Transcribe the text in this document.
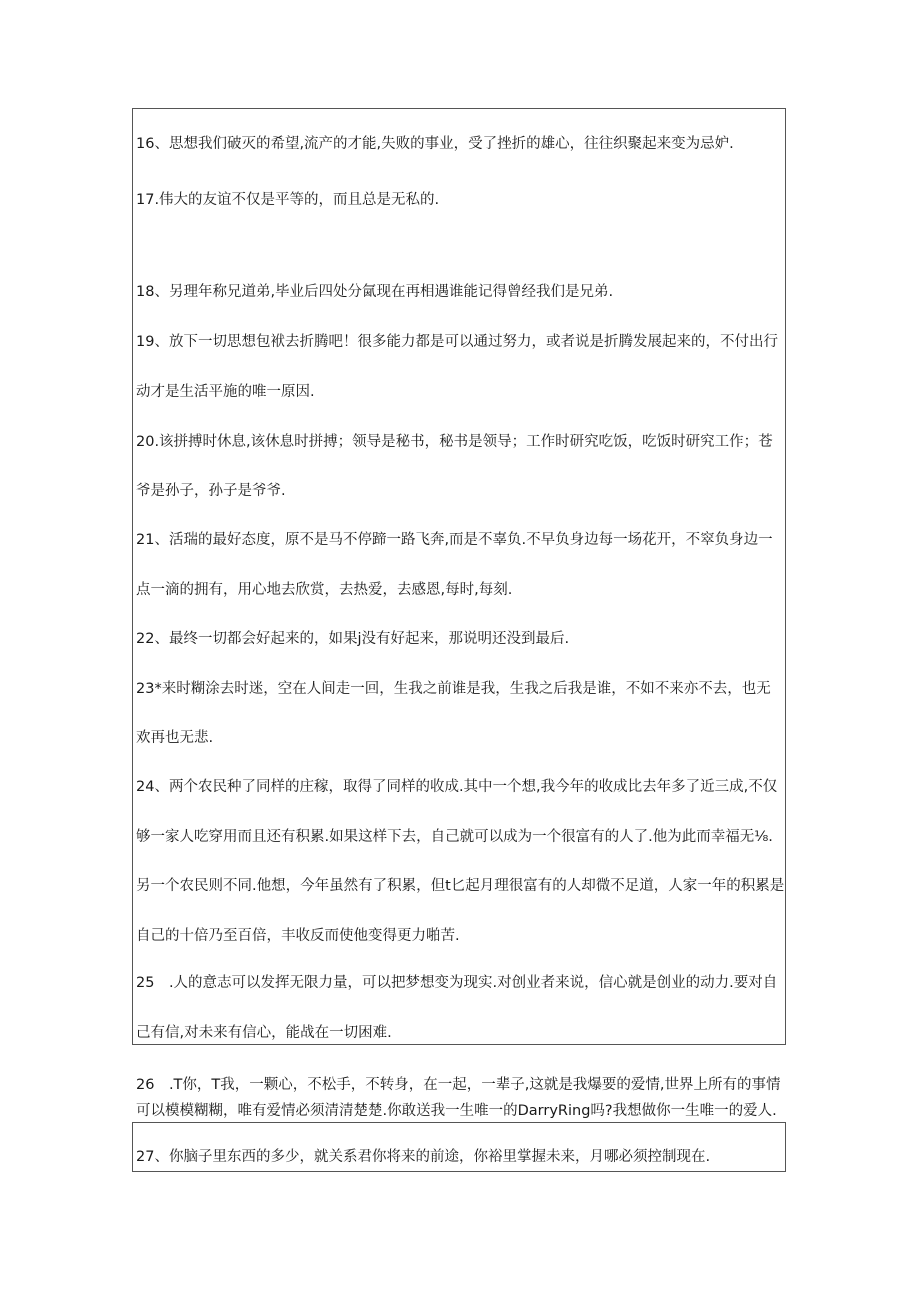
16、思想我们破灭的希望,流产的才能,失败的事业，受了挫折的雄心，往往织聚起来变为忌妒.
17.伟大的友谊不仅是平等的，而且总是无私的.
18、另理年称兄道弟,毕业后四处分氤现在再相遇谁能记得曾经我们是兄弟.
19、放下一切思想包袱去折腾吧！很多能力都是可以通过努力，或者说是折腾发展起来的，不付出行
动才是生活平施的唯一原因.
20.该拼搏时休息,该休息时拼搏；领导是秘书，秘书是领导；工作时研究吃饭，吃饭时研究工作；苍
爷是孙子，孙子是爷爷.
21、活瑞的最好态度，原不是马不停蹄一路飞奔,而是不辜负.不早负身边每一场花开，不窣负身边一
点一滴的拥有，用心地去欣赏，去热爱，去感恩,每时,每刻.
22、最终一切都会好起来的，如果j没有好起来，那说明还没到最后.
23*来时糊涂去时迷，空在人间走一回，生我之前谁是我，生我之后我是谁，不如不来亦不去，也无
欢再也无悲.
24、两个农民种了同样的庄稼，取得了同样的收成.其中一个想,我今年的收成比去年多了近三成,不仅
够一家人吃穿用而且还有积累.如果这样下去，自己就可以成为一个很富有的人了.他为此而幸福无⅛.
另一个农民则不同.他想，今年虽然有了积累，但t匕起月理很富有的人却微不足道，人家一年的积累是
自己的十倍乃至百倍，丰收反而使他变得更力啪苦.
25　.人的意志可以发挥无限力量，可以把梦想变为现实.对创业者来说，信心就是创业的动力.要对自
己有信,对未来有信心，能战在一切困难.
26　.T你，T我，一颗心，不松手，不转身，在一起，一辈子,这就是我爆要的爱情,世界上所有的事情
可以模模糊糊，唯有爱情必须清清楚楚.你敢送我一生唯一的DarryRing吗?我想做你一生唯一的爱人.
27、你脑子里东西的多少，就关系君你将来的前途，你裕里掌握未来，月哪必须控制现在.
